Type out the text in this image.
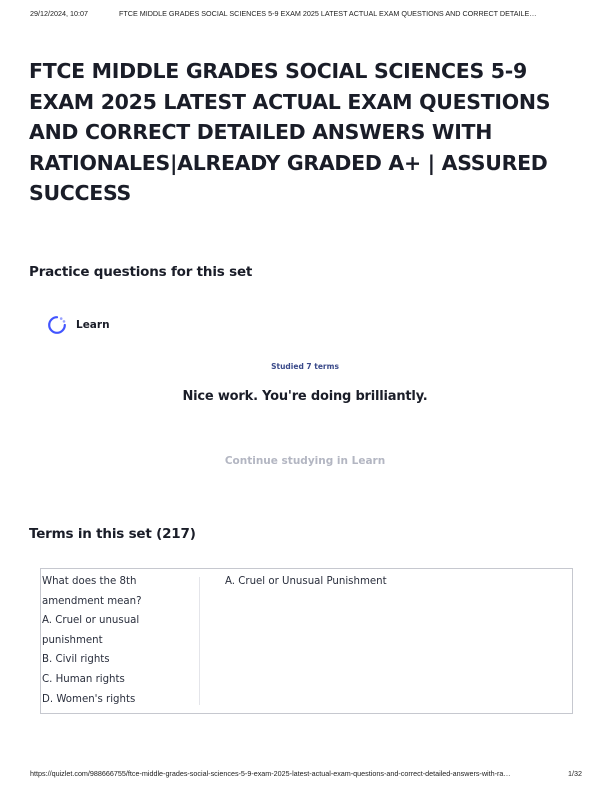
29/12/2024, 10:07	FTCE MIDDLE GRADES SOCIAL SCIENCES 5-9 EXAM 2025 LATEST ACTUAL EXAM QUESTIONS AND CORRECT DETAILE…
FTCE MIDDLE GRADES SOCIAL SCIENCES 5-9
EXAM 2025 LATEST ACTUAL EXAM QUESTIONS
AND CORRECT DETAILED ANSWERS WITH
RATIONALES|ALREADY GRADED A+ | ASSURED
SUCCESS
Practice questions for this set
Learn
Studied 7 terms
Nice work. You're doing brilliantly.
Continue studying in Learn
Terms in this set (217)
What does the 8th
amendment mean?
A. Cruel or unusual
punishment
B. Civil rights
C. Human rights
D. Women's rights
A. Cruel or Unusual Punishment
https://quizlet.com/988666755/ftce-middle-grades-social-sciences-5-9-exam-2025-latest-actual-exam-questions-and-correct-detailed-answers-with-ra…	1/32
